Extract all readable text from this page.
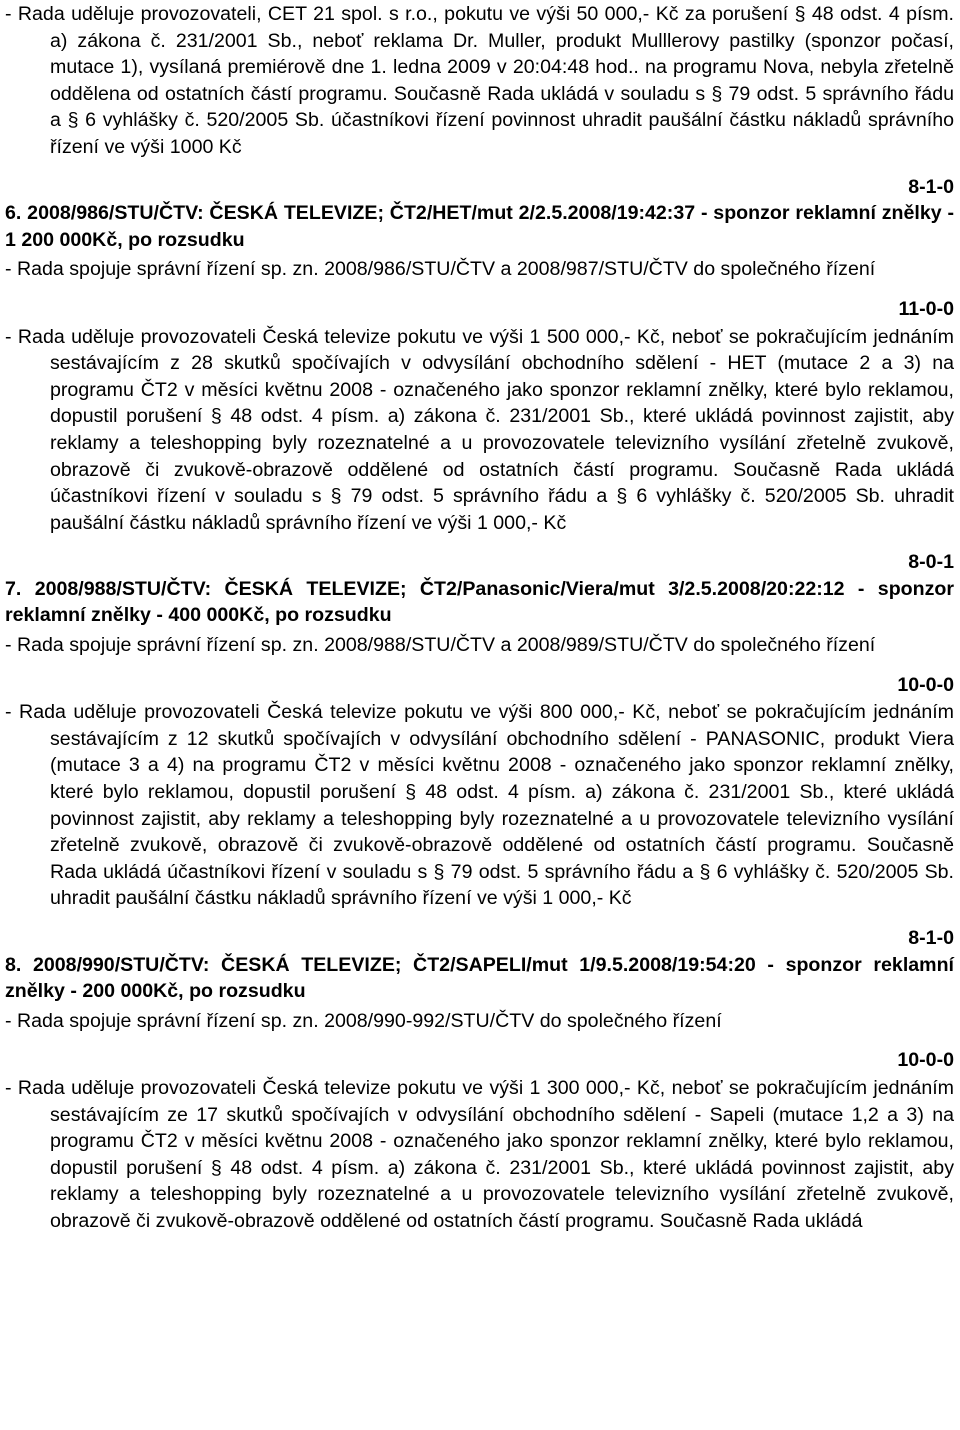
- Rada uděluje provozovateli, CET 21 spol. s r.o., pokutu ve výši 50 000,- Kč za porušení § 48 odst. 4 písm. a) zákona č. 231/2001 Sb., neboť reklama Dr. Muller, produkt Mulllerovy pastilky (sponzor počasí, mutace 1), vysílaná premiérově dne 1. ledna 2009 v 20:04:48 hod.. na programu Nova, nebyla zřetelně oddělena od ostatních částí programu. Současně Rada ukládá v souladu s § 79 odst. 5 správního řádu a § 6 vyhlášky č. 520/2005 Sb. účastníkovi řízení povinnost uhradit paušální částku nákladů správního řízení ve výši 1000 Kč

8-1-0

6. 2008/986/STU/ČTV: ČESKÁ TELEVIZE; ČT2/HET/mut 2/2.5.2008/19:42:37 - sponzor reklamní znělky - 1 200 000Kč, po rozsudku

- Rada spojuje správní řízení sp. zn. 2008/986/STU/ČTV a 2008/987/STU/ČTV do společného řízení

11-0-0

- Rada uděluje provozovateli Česká televize pokutu ve výši 1 500 000,- Kč, neboť se pokračujícím jednáním sestávajícím z 28 skutků spočívajích v odvysílání obchodního sdělení - HET (mutace 2 a 3) na programu ČT2 v měsíci květnu 2008 - označeného jako sponzor reklamní znělky, které bylo reklamou, dopustil porušení § 48 odst. 4 písm. a) zákona č. 231/2001 Sb., které ukládá povinnost zajistit, aby reklamy a teleshopping byly rozeznatelné a u provozovatele televizního vysílání zřetelně zvukově, obrazově či zvukově-obrazově oddělené od ostatních částí programu. Současně Rada ukládá účastníkovi řízení v souladu s § 79 odst. 5 správního řádu a § 6 vyhlášky č. 520/2005 Sb. uhradit paušální částku nákladů správního řízení ve výši 1 000,- Kč

8-0-1

7. 2008/988/STU/ČTV: ČESKÁ TELEVIZE; ČT2/Panasonic/Viera/mut 3/2.5.2008/20:22:12 - sponzor reklamní znělky - 400 000Kč, po rozsudku

- Rada spojuje správní řízení sp. zn. 2008/988/STU/ČTV a 2008/989/STU/ČTV do společného řízení

10-0-0

- Rada uděluje provozovateli Česká televize pokutu ve výši 800 000,- Kč, neboť se pokračujícím jednáním sestávajícím z 12 skutků spočívajích v odvysílání obchodního sdělení - PANASONIC, produkt Viera (mutace 3 a 4) na programu ČT2 v měsíci květnu 2008 - označeného jako sponzor reklamní znělky, které bylo reklamou, dopustil porušení § 48 odst. 4 písm. a) zákona č. 231/2001 Sb., které ukládá povinnost zajistit, aby reklamy a teleshopping byly rozeznatelné a u provozovatele televizního vysílání zřetelně zvukově, obrazově či zvukově-obrazově oddělené od ostatních částí programu. Současně Rada ukládá účastníkovi řízení v souladu s § 79 odst. 5 správního řádu a § 6 vyhlášky č. 520/2005 Sb. uhradit paušální částku nákladů správního řízení ve výši 1 000,- Kč

8-1-0

8. 2008/990/STU/ČTV: ČESKÁ TELEVIZE; ČT2/SAPELI/mut 1/9.5.2008/19:54:20 - sponzor reklamní znělky - 200 000Kč, po rozsudku

- Rada spojuje správní řízení sp. zn. 2008/990-992/STU/ČTV do společného řízení

10-0-0

- Rada uděluje provozovateli Česká televize pokutu ve výši 1 300 000,- Kč, neboť se pokračujícím jednáním sestávajícím ze 17 skutků spočívajích v odvysílání obchodního sdělení - Sapeli (mutace 1,2 a 3) na programu ČT2 v měsíci květnu 2008 - označeného jako sponzor reklamní znělky, které bylo reklamou, dopustil porušení § 48 odst. 4 písm. a) zákona č. 231/2001 Sb., které ukládá povinnost zajistit, aby reklamy a teleshopping byly rozeznatelné a u provozovatele televizního vysílání zřetelně zvukově, obrazově či zvukově-obrazově oddělené od ostatních částí programu. Současně Rada ukládá
